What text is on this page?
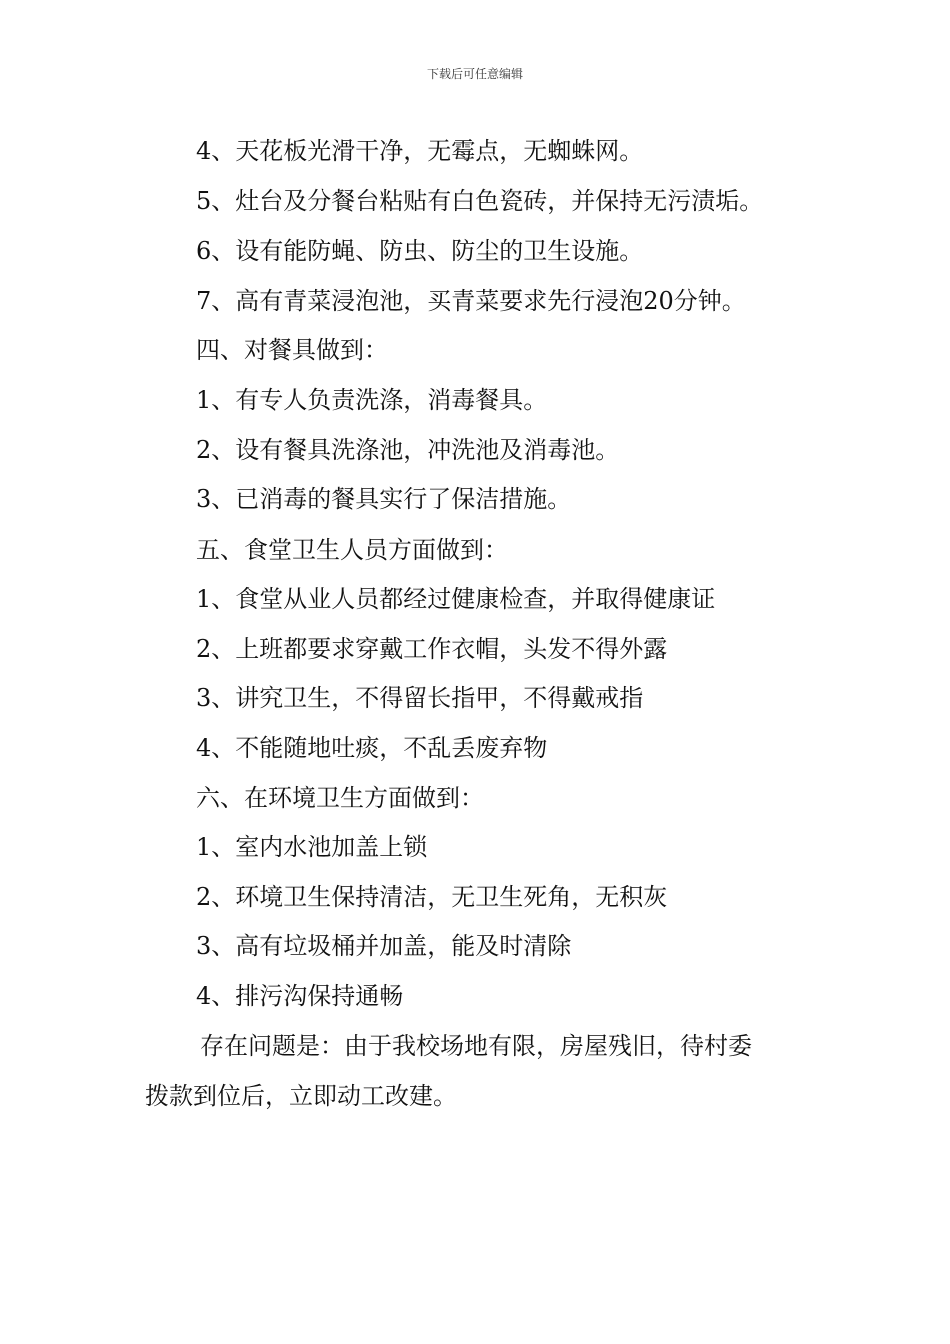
下载后可任意编辑
4、天花板光滑干净，无霉点，无蜘蛛网。
5、灶台及分餐台粘贴有白色瓷砖，并保持无污渍垢。
6、设有能防蝇、防虫、防尘的卫生设施。
7、高有青菜浸泡池，买青菜要求先行浸泡20分钟。
四、对餐具做到：
1、有专人负责洗涤，消毒餐具。
2、设有餐具洗涤池，冲洗池及消毒池。
3、已消毒的餐具实行了保洁措施。
五、食堂卫生人员方面做到：
1、食堂从业人员都经过健康检查，并取得健康证
2、上班都要求穿戴工作衣帽，头发不得外露
3、讲究卫生，不得留长指甲，不得戴戒指
4、不能随地吐痰，不乱丢废弃物
六、在环境卫生方面做到：
1、室内水池加盖上锁
2、环境卫生保持清洁，无卫生死角，无积灰
3、高有垃圾桶并加盖，能及时清除
4、排污沟保持通畅
存在问题是：由于我校场地有限，房屋残旧，待村委
拨款到位后，立即动工改建。
